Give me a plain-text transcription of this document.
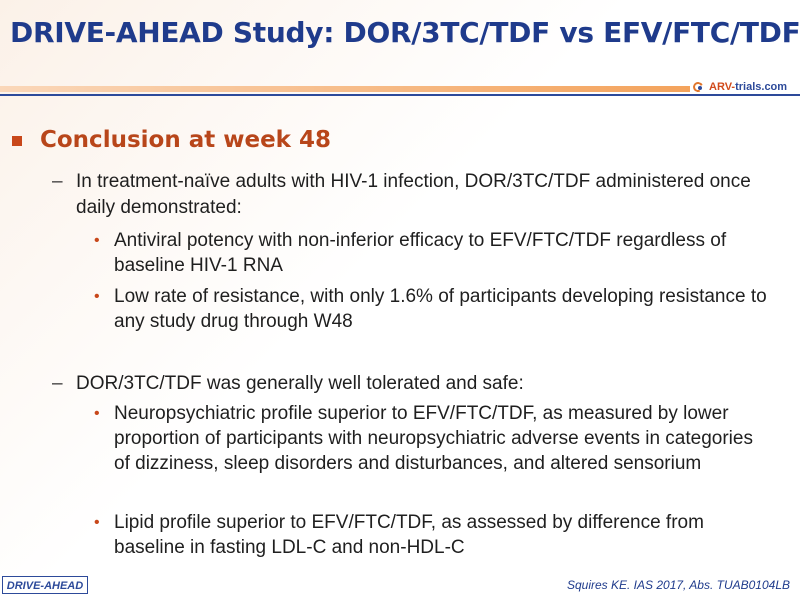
DRIVE-AHEAD Study: DOR/3TC/TDF vs EFV/FTC/TDF
ARV- trials.com
Conclusion at week 48
– In treatment-naïve adults with HIV-1 infection, DOR/3TC/TDF administered once daily demonstrated:
• Antiviral potency with non-inferior efficacy to EFV/FTC/TDF regardless of baseline HIV-1 RNA
• Low rate of resistance, with only 1.6% of participants developing resistance to any study drug through W48
– DOR/3TC/TDF was generally well tolerated and safe:
• Neuropsychiatric profile superior to EFV/FTC/TDF, as measured by lower proportion of participants with neuropsychiatric adverse events in categories of dizziness, sleep disorders and disturbances, and altered sensorium
• Lipid profile superior to EFV/FTC/TDF, as assessed by difference from baseline in fasting LDL-C and non-HDL-C
DRIVE-AHEAD	Squires KE. IAS 2017, Abs. TUAB0104LB
